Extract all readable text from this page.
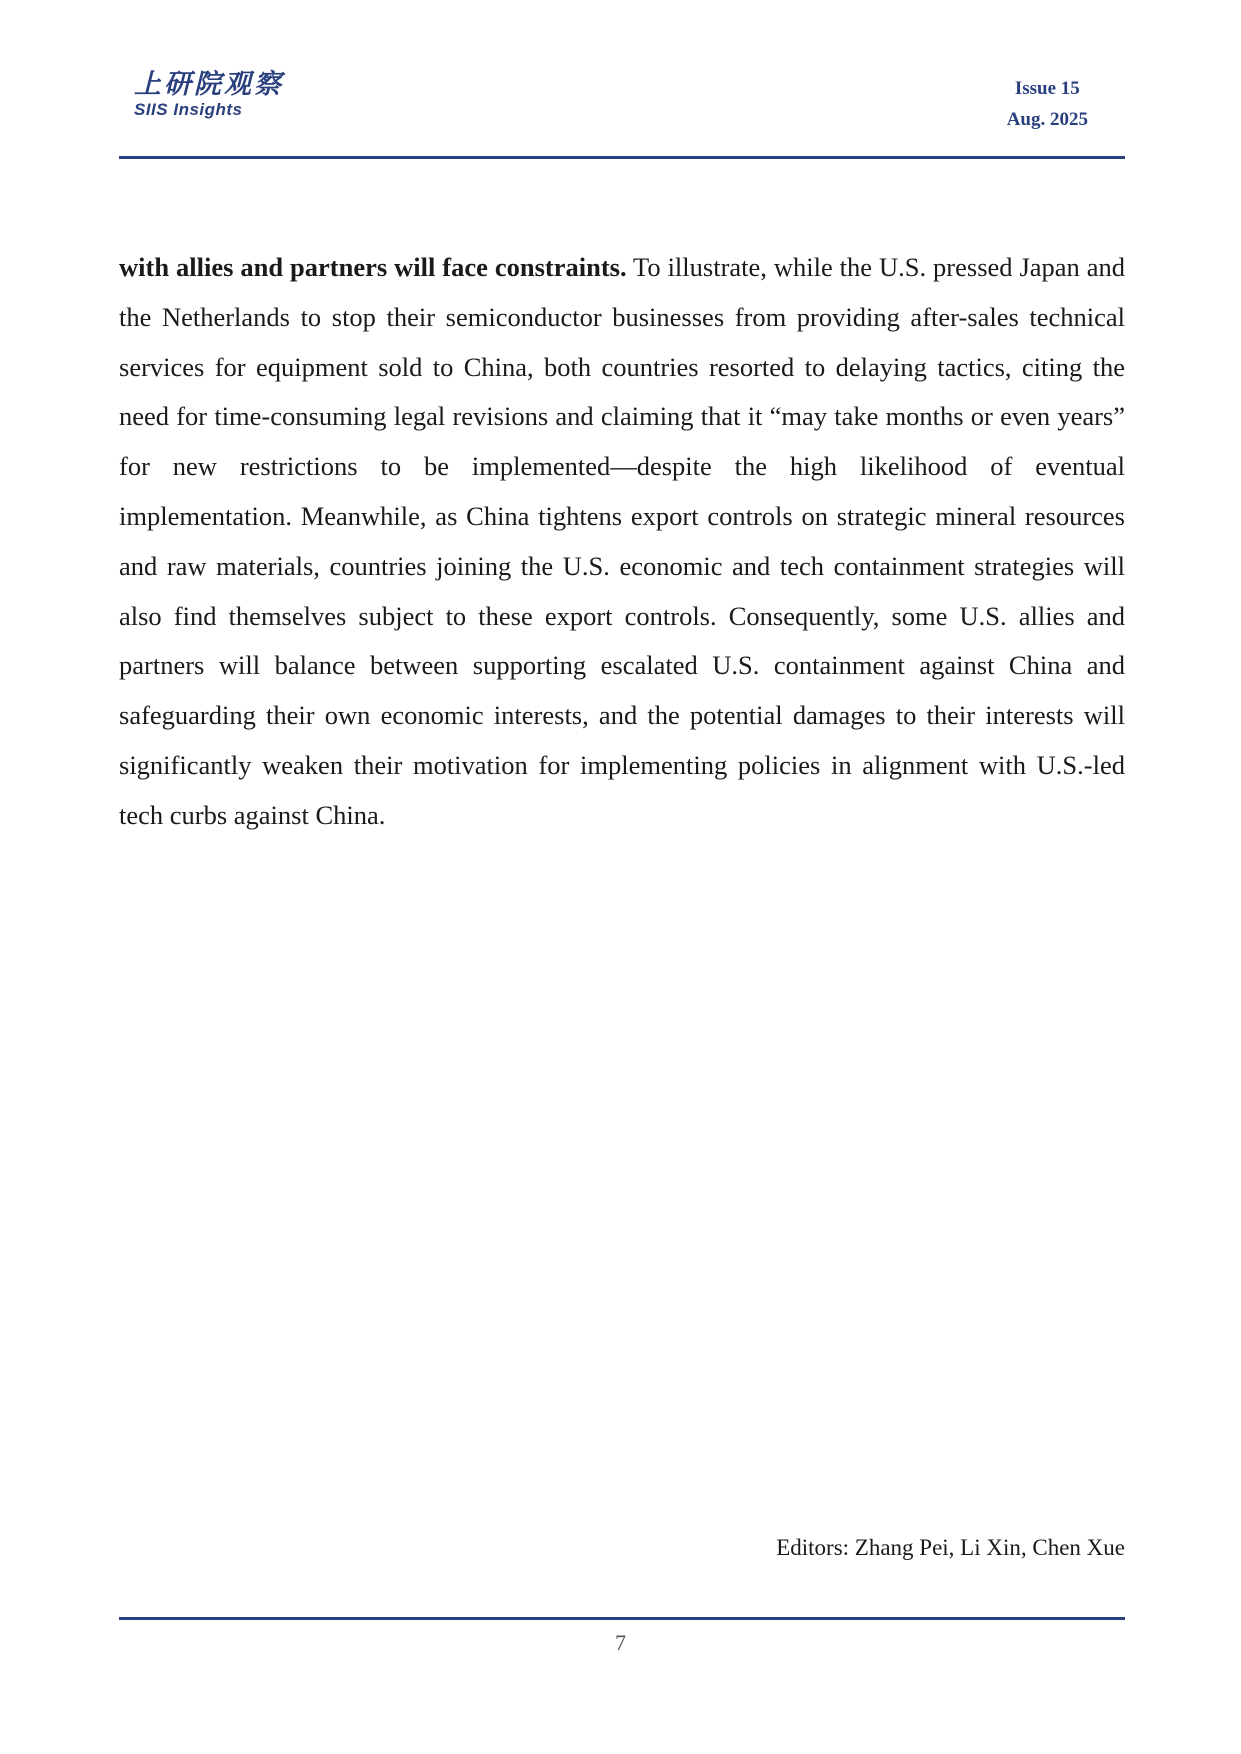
上研院观察
SIIS Insights
Issue 15
Aug. 2025
with allies and partners will face constraints. To illustrate, while the U.S. pressed Japan and the Netherlands to stop their semiconductor businesses from providing after-sales technical services for equipment sold to China, both countries resorted to delaying tactics, citing the need for time-consuming legal revisions and claiming that it “may take months or even years” for new restrictions to be implemented—despite the high likelihood of eventual implementation. Meanwhile, as China tightens export controls on strategic mineral resources and raw materials, countries joining the U.S. economic and tech containment strategies will also find themselves subject to these export controls. Consequently, some U.S. allies and partners will balance between supporting escalated U.S. containment against China and safeguarding their own economic interests, and the potential damages to their interests will significantly weaken their motivation for implementing policies in alignment with U.S.-led tech curbs against China.
Editors: Zhang Pei, Li Xin, Chen Xue
7
